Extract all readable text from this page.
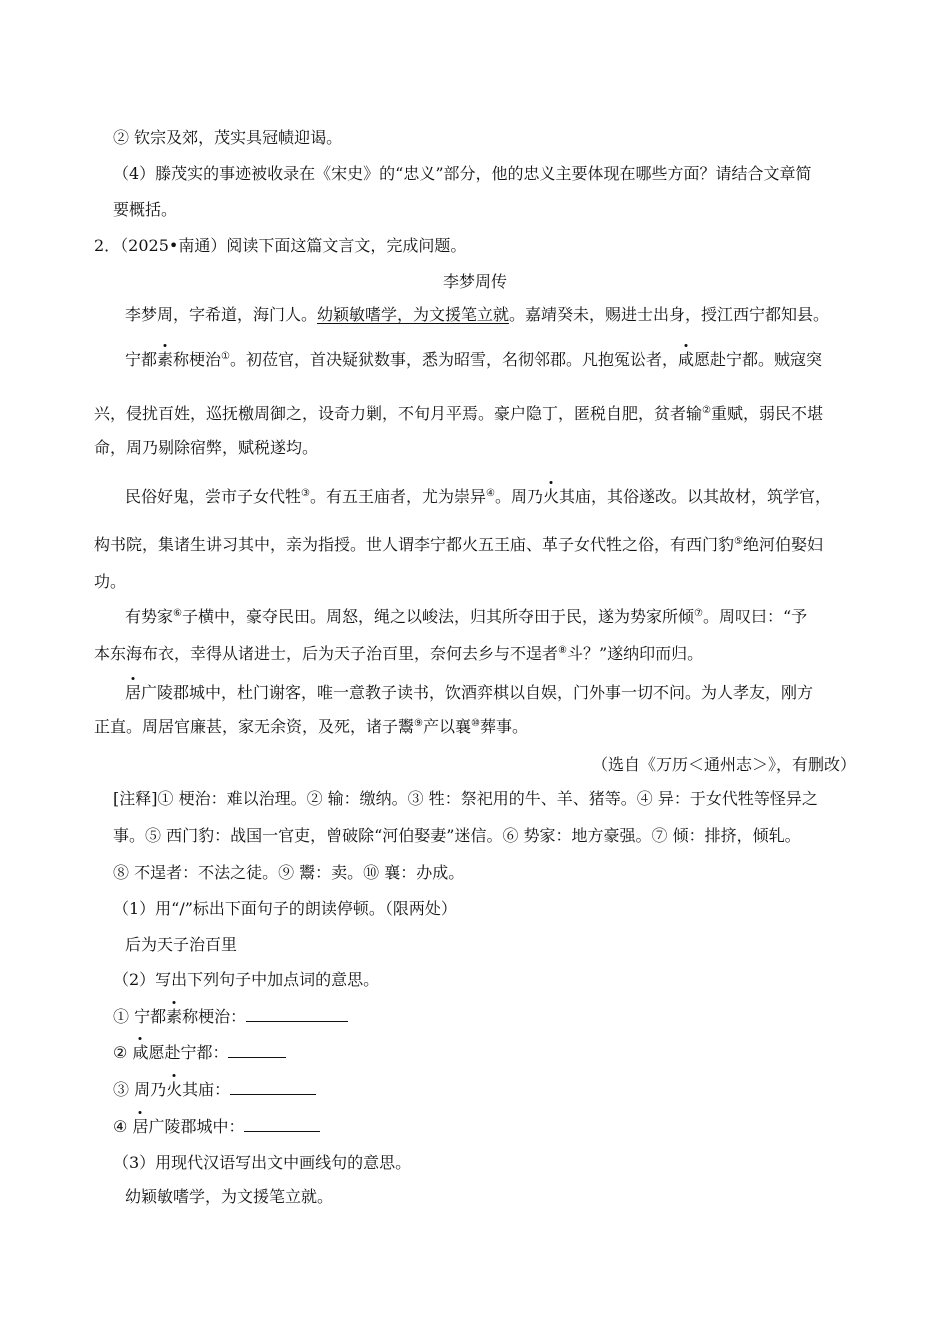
② 钦宗及郊，茂实具冠帻迎谒。
（4）滕茂实的事迹被收录在《宋史》的“忠义”部分，他的忠义主要体现在哪些方面？请结合文章简
要概括。
2．（2025•南通）阅读下面这篇文言文，完成问题。
李梦周传
李梦周，字希道，海门人。幼颖敏嗜学，为文援笔立就。嘉靖癸未，赐进士出身，授江西宁都知县。
宁都素称梗治①。初莅官，首决疑狱数事，悉为昭雪，名彻邻郡。凡抱冤讼者，咸愿赴宁都。贼寇突
兴，侵扰百姓，巡抚檄周御之，设奇力剿，不旬月平焉。豪户隐丁，匿税自肥，贫者输②重赋，弱民不堪
命，周乃剔除宿弊，赋税遂均。
民俗好鬼，尝市子女代牲③。有五王庙者，尤为崇异④。周乃火其庙，其俗遂改。以其故材，筑学官，
构书院，集诸生讲习其中，亲为指授。世人谓李宁都火五王庙、革子女代牲之俗，有西门豹⑤绝河伯娶妇
功。
有势家⑥子横中，豪夺民田。周怒，绳之以峻法，归其所夺田于民，遂为势家所倾⑦。周叹曰：“予
本东海布衣，幸得从诸进士，后为天子治百里，奈何去乡与不逞者⑧斗？”遂纳印而归。
居广陵郡城中，杜门谢客，唯一意教子读书，饮酒弈棋以自娱，门外事一切不问。为人孝友，刚方
正直。周居官廉甚，家无余资，及死，诸子鬻⑨产以襄⑩葬事。
（选自《万历＜通州志＞》，有删改）
[注释]① 梗治：难以治理。② 输：缴纳。③ 牲：祭祀用的牛、羊、猪等。④ 异：于女代牲等怪异之
事。⑤ 西门豹：战国一官吏，曾破除“河伯娶妻”迷信。⑥ 势家：地方豪强。⑦ 倾：排挤，倾轧。
⑧ 不逞者：不法之徒。⑨ 鬻：卖。⑩ 襄：办成。
（1）用“/”标出下面句子的朗读停顿。（限两处）
后为天子治百里
（2）写出下列句子中加点词的意思。
① 宁都素称梗治：
② 咸愿赴宁都：
③ 周乃火其庙：
④ 居广陵郡城中：
（3）用现代汉语写出文中画线句的意思。
幼颖敏嗜学，为文援笔立就。
